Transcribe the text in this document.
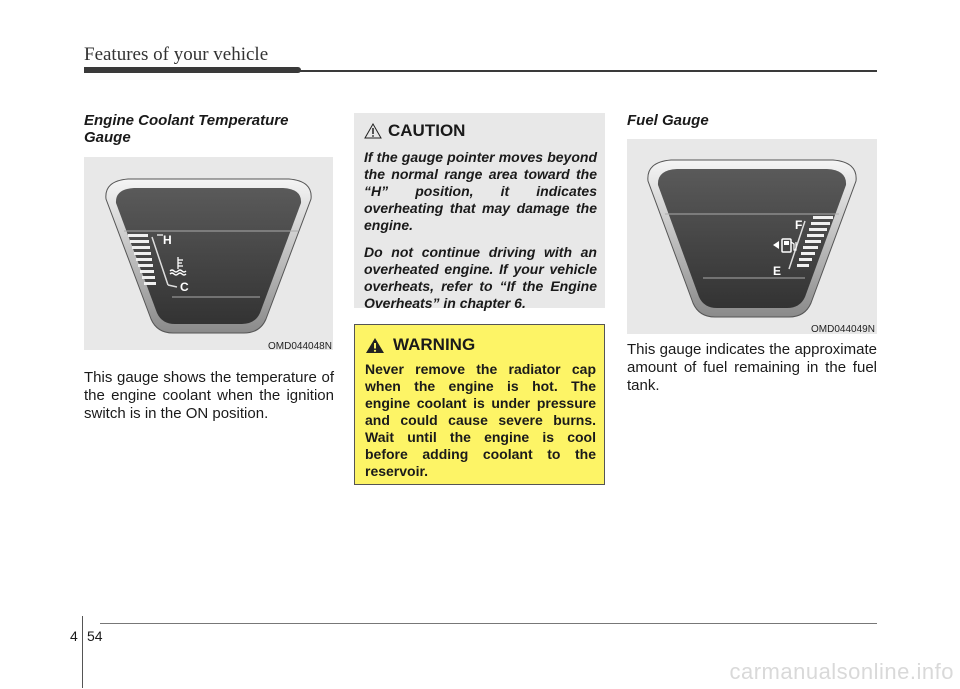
Features of your vehicle
Engine Coolant Temperature Gauge
H
C
OMD044048N
This gauge shows the temperature of the engine coolant when the ignition switch is in the ON position.
CAUTION

If the gauge pointer moves beyond the normal range area toward the “H” position, it indicates overheating that may damage the engine.

Do not continue driving with an overheated engine. If your vehicle overheats, refer to “If the Engine Overheats” in chapter 6.

WARNING

Never remove the radiator cap when the engine is hot. The engine coolant is under pressure and could cause severe burns. Wait until the engine is cool before adding coolant to the reservoir.

Fuel Gauge
F
E
OMD044049N
This gauge indicates the approximate amount of fuel remaining in the fuel tank.
4 54
carmanualsonline.info
